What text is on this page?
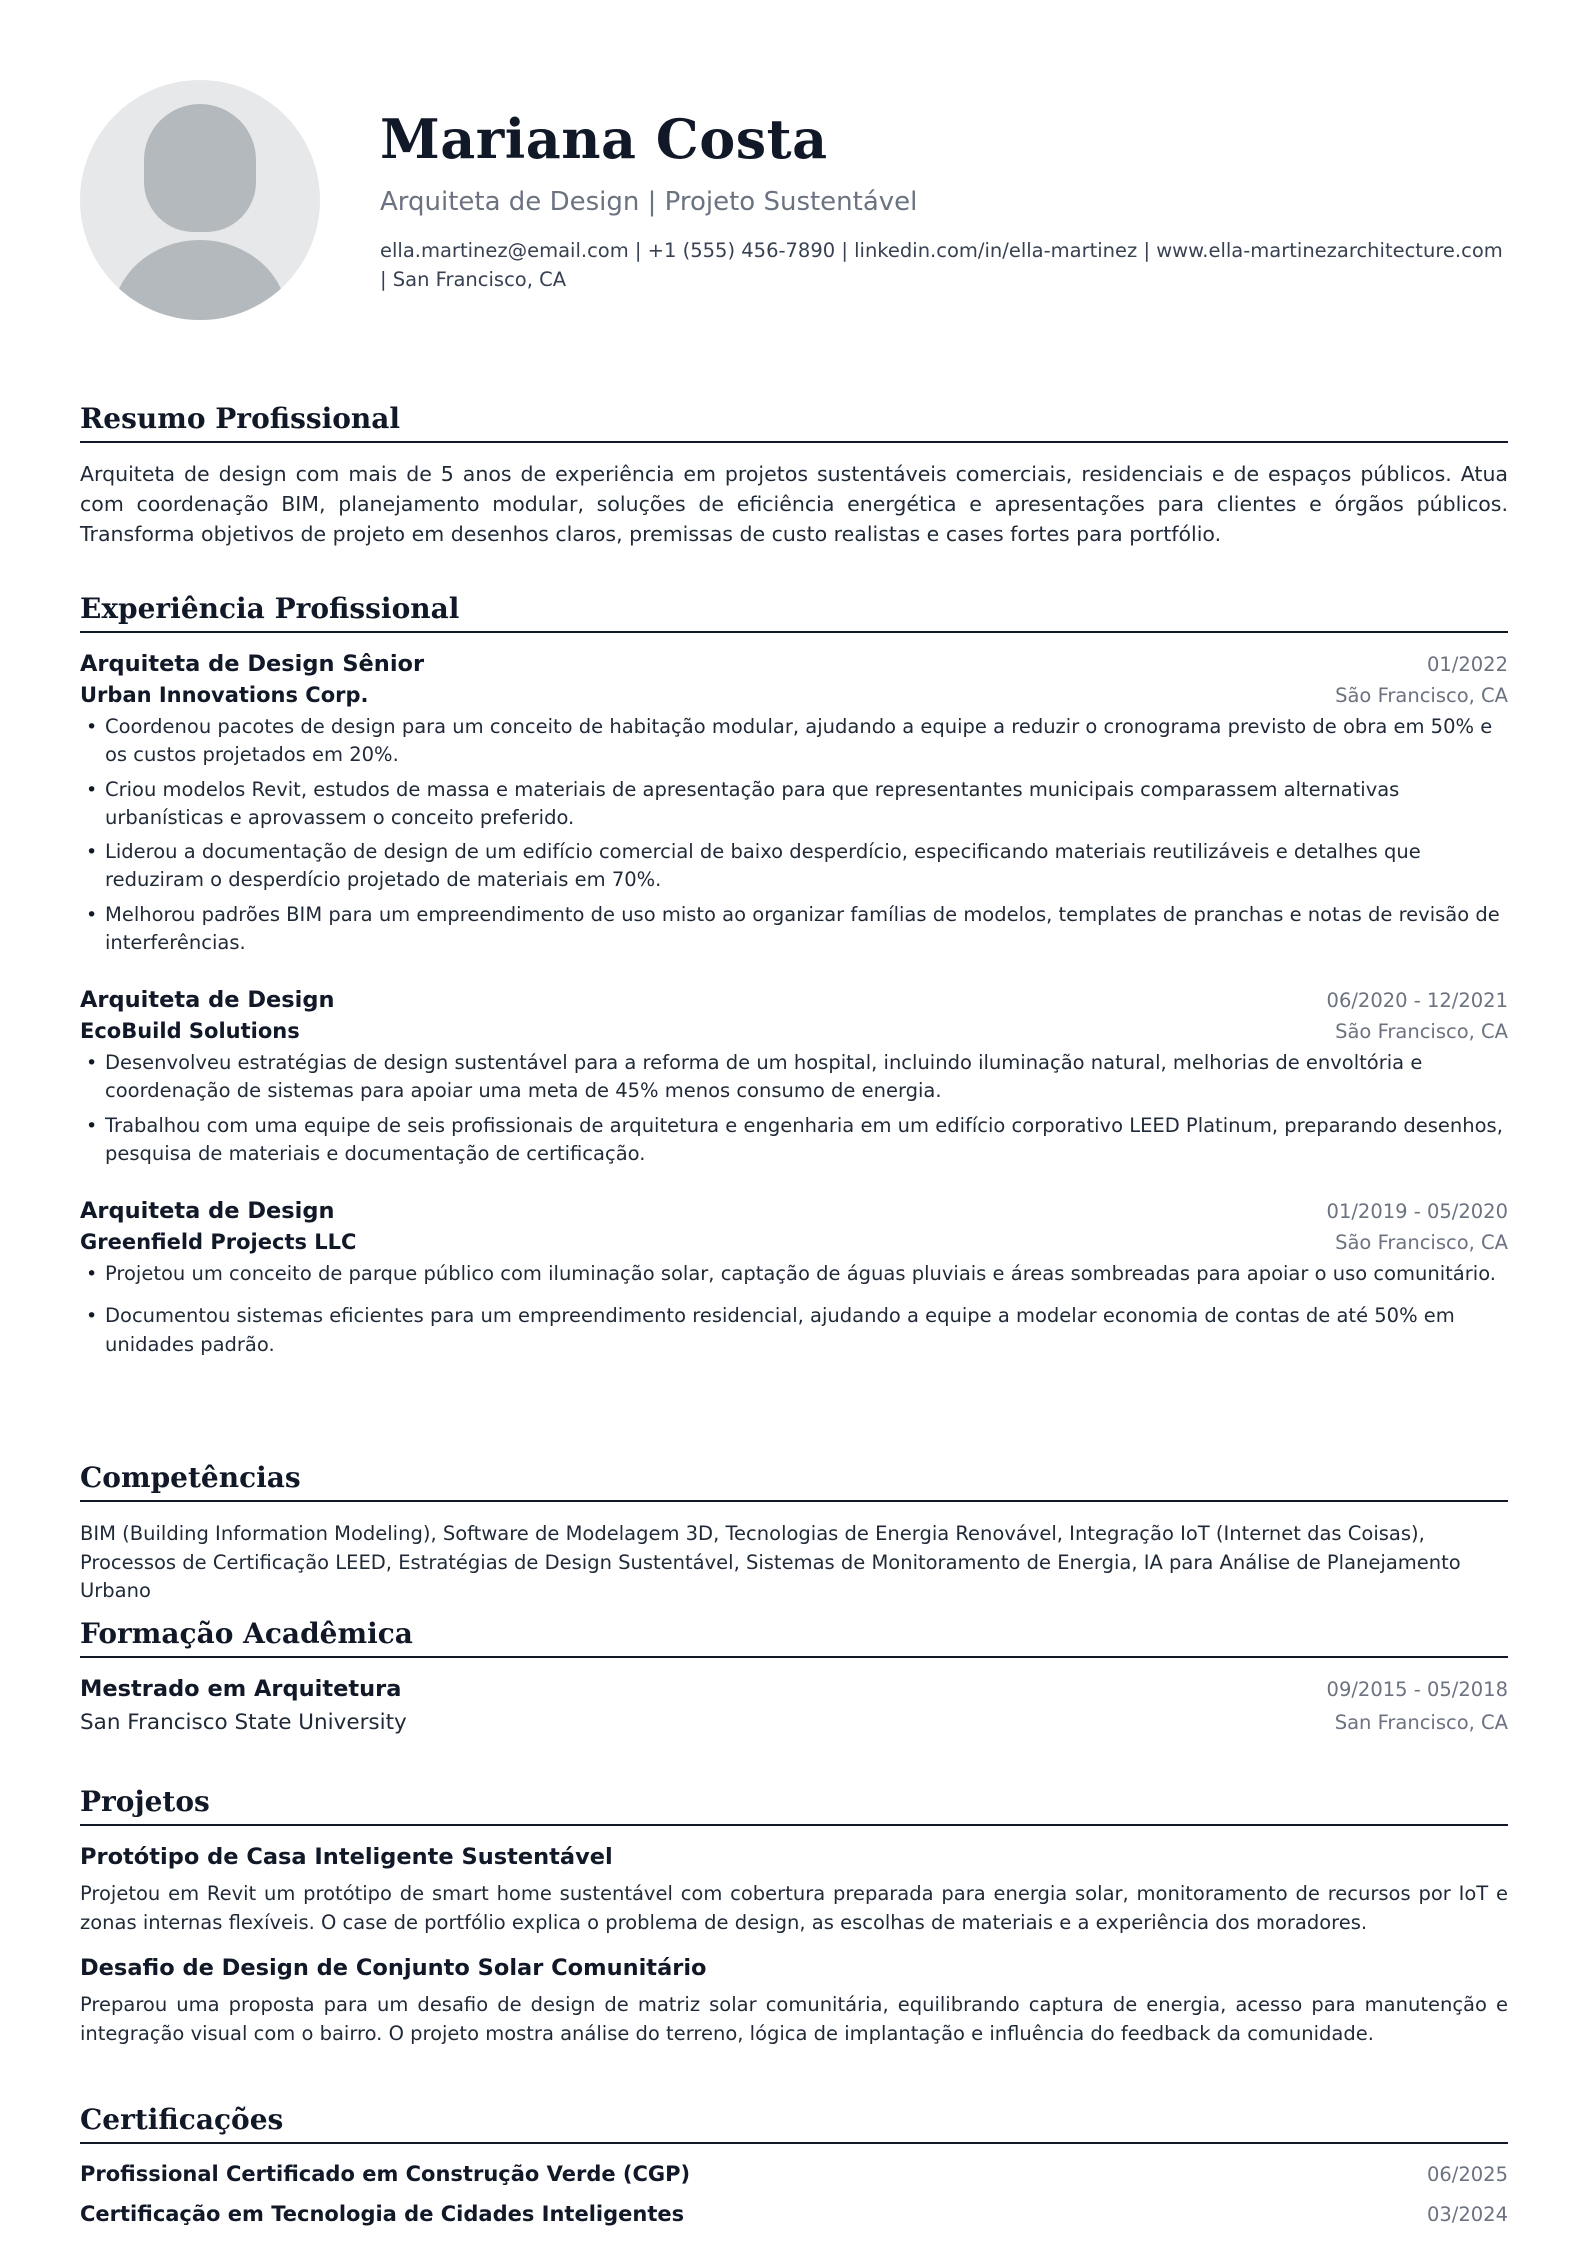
Mariana Costa
Arquiteta de Design | Projeto Sustentável
ella.martinez@email.com | +1 (555) 456-7890 | linkedin.com/in/ella-martinez | www.ella-martinezarchitecture.com | San Francisco, CA
Resumo Profissional
Arquiteta de design com mais de 5 anos de experiência em projetos sustentáveis comerciais, residenciais e de espaços públicos. Atua com coordenação BIM, planejamento modular, soluções de eficiência energética e apresentações para clientes e órgãos públicos. Transforma objetivos de projeto em desenhos claros, premissas de custo realistas e cases fortes para portfólio.
Experiência Profissional
Arquiteta de Design Sênior	01/2022
Urban Innovations Corp.	São Francisco, CA
• Coordenou pacotes de design para um conceito de habitação modular, ajudando a equipe a reduzir o cronograma previsto de obra em 50% e os custos projetados em 20%.
• Criou modelos Revit, estudos de massa e materiais de apresentação para que representantes municipais comparassem alternativas urbanísticas e aprovassem o conceito preferido.
• Liderou a documentação de design de um edifício comercial de baixo desperdício, especificando materiais reutilizáveis e detalhes que reduziram o desperdício projetado de materiais em 70%.
• Melhorou padrões BIM para um empreendimento de uso misto ao organizar famílias de modelos, templates de pranchas e notas de revisão de interferências.
Arquiteta de Design	06/2020 - 12/2021
EcoBuild Solutions	São Francisco, CA
• Desenvolveu estratégias de design sustentável para a reforma de um hospital, incluindo iluminação natural, melhorias de envoltória e coordenação de sistemas para apoiar uma meta de 45% menos consumo de energia.
• Trabalhou com uma equipe de seis profissionais de arquitetura e engenharia em um edifício corporativo LEED Platinum, preparando desenhos, pesquisa de materiais e documentação de certificação.
Arquiteta de Design	01/2019 - 05/2020
Greenfield Projects LLC	São Francisco, CA
• Projetou um conceito de parque público com iluminação solar, captação de águas pluviais e áreas sombreadas para apoiar o uso comunitário.
• Documentou sistemas eficientes para um empreendimento residencial, ajudando a equipe a modelar economia de contas de até 50% em unidades padrão.
Competências
BIM (Building Information Modeling), Software de Modelagem 3D, Tecnologias de Energia Renovável, Integração IoT (Internet das Coisas), Processos de Certificação LEED, Estratégias de Design Sustentável, Sistemas de Monitoramento de Energia, IA para Análise de Planejamento Urbano
Formação Acadêmica
Mestrado em Arquitetura	09/2015 - 05/2018
San Francisco State University	San Francisco, CA
Projetos
Protótipo de Casa Inteligente Sustentável
Projetou em Revit um protótipo de smart home sustentável com cobertura preparada para energia solar, monitoramento de recursos por IoT e zonas internas flexíveis. O case de portfólio explica o problema de design, as escolhas de materiais e a experiência dos moradores.
Desafio de Design de Conjunto Solar Comunitário
Preparou uma proposta para um desafio de design de matriz solar comunitária, equilibrando captura de energia, acesso para manutenção e integração visual com o bairro. O projeto mostra análise do terreno, lógica de implantação e influência do feedback da comunidade.
Certificações
Profissional Certificado em Construção Verde (CGP)	06/2025
Certificação em Tecnologia de Cidades Inteligentes	03/2024
